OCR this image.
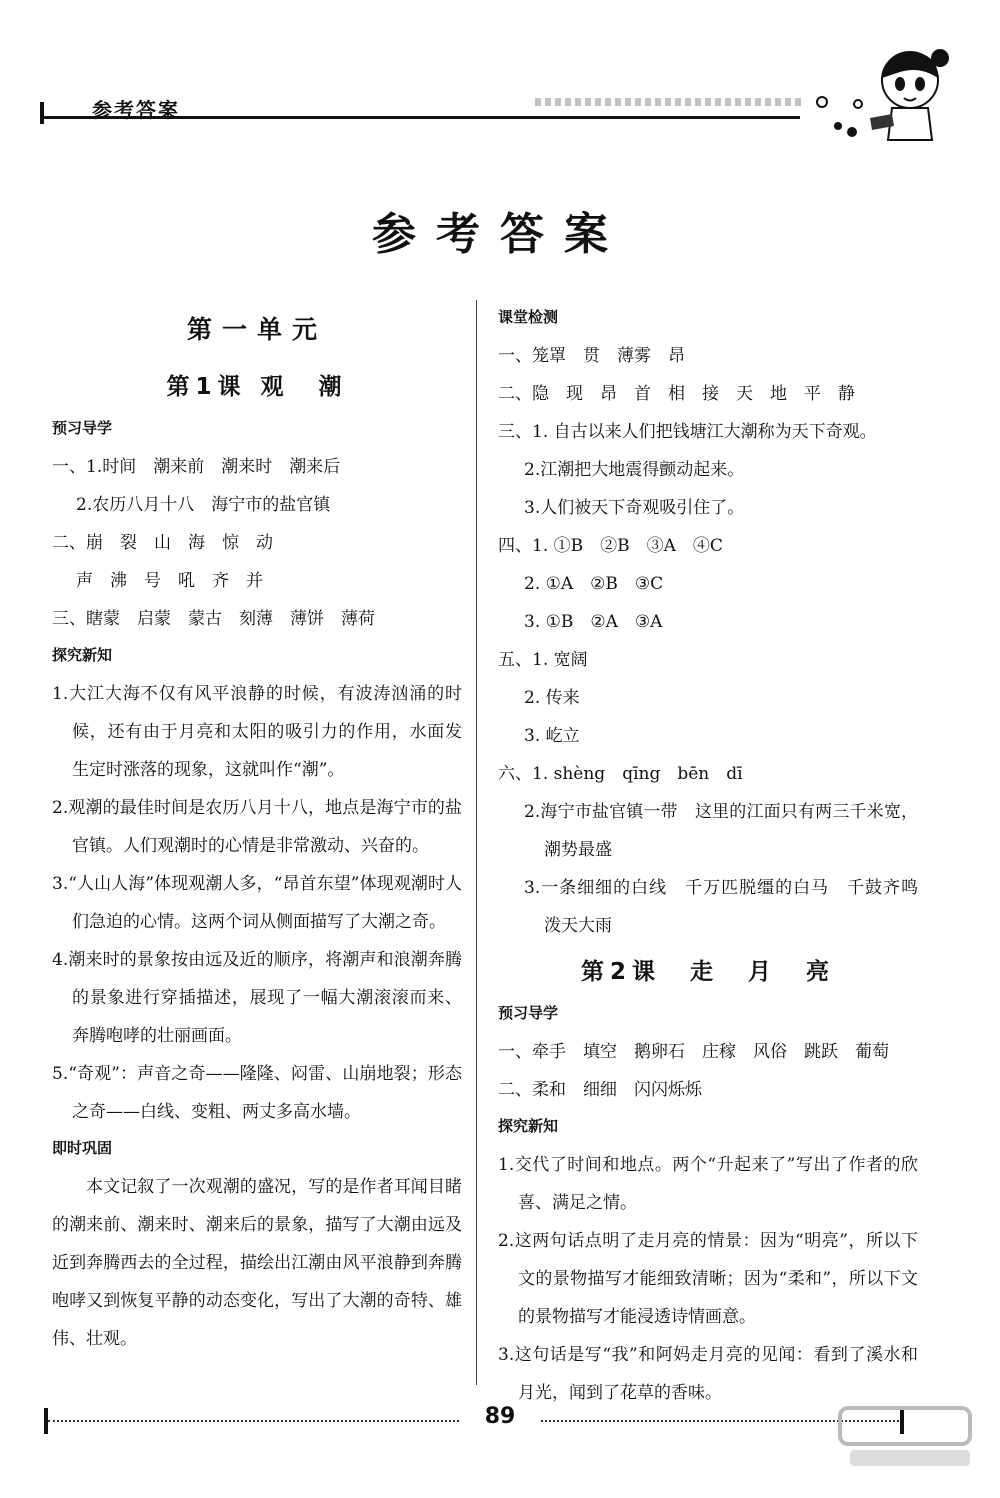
参考答案
参考答案
第一单元
第1课 观　潮
预习导学
一、1.时间　潮来前　潮来时　潮来后
2.农历八月十八　海宁市的盐官镇
二、崩　裂　山　海　惊　动
声　沸　号　吼　齐　并
三、瞎蒙　启蒙　蒙古　刻薄　薄饼　薄荷
探究新知
1.大江大海不仅有风平浪静的时候，有波涛汹涌的时候，还有由于月亮和太阳的吸引力的作用，水面发生定时涨落的现象，这就叫作“潮”。
2.观潮的最佳时间是农历八月十八，地点是海宁市的盐官镇。人们观潮时的心情是非常激动、兴奋的。
3.“人山人海”体现观潮人多，“昂首东望”体现观潮时人们急迫的心情。这两个词从侧面描写了大潮之奇。
4.潮来时的景象按由远及近的顺序，将潮声和浪潮奔腾的景象进行穿插描述，展现了一幅大潮滚滚而来、奔腾咆哮的壮丽画面。
5.“奇观”：声音之奇——隆隆、闷雷、山崩地裂；形态之奇——白线、变粗、两丈多高水墙。
即时巩固
本文记叙了一次观潮的盛况，写的是作者耳闻目睹的潮来前、潮来时、潮来后的景象，描写了大潮由远及近到奔腾西去的全过程，描绘出江潮由风平浪静到奔腾咆哮又到恢复平静的动态变化，写出了大潮的奇特、雄伟、壮观。
课堂检测
一、笼罩　贯　薄雾　昂
二、隐　现　昂　首　相　接　天　地　平　静
三、1. 自古以来人们把钱塘江大潮称为天下奇观。
2.江潮把大地震得颤动起来。
3.人们被天下奇观吸引住了。
四、1. ①B　②B　③A　④C
2. ①A　②B　③C
3. ①B　②A　③A
五、1. 宽阔
2. 传来
3. 屹立
六、1. shèng　qīng　bēn　dī
2.海宁市盐官镇一带　这里的江面只有两三千米宽，潮势最盛
3.一条细细的白线　千万匹脱缰的白马　千鼓齐鸣　泼天大雨
第2课　走　月　亮
预习导学
一、牵手　填空　鹅卵石　庄稼　风俗　跳跃　葡萄
二、柔和　细细　闪闪烁烁
探究新知
1.交代了时间和地点。两个“升起来了”写出了作者的欣喜、满足之情。
2.这两句话点明了走月亮的情景：因为“明亮”，所以下文的景物描写才能细致清晰；因为“柔和”，所以下文的景物描写才能浸透诗情画意。
3.这句话是写“我”和阿妈走月亮的见闻：看到了溪水和月光，闻到了花草的香味。
89
